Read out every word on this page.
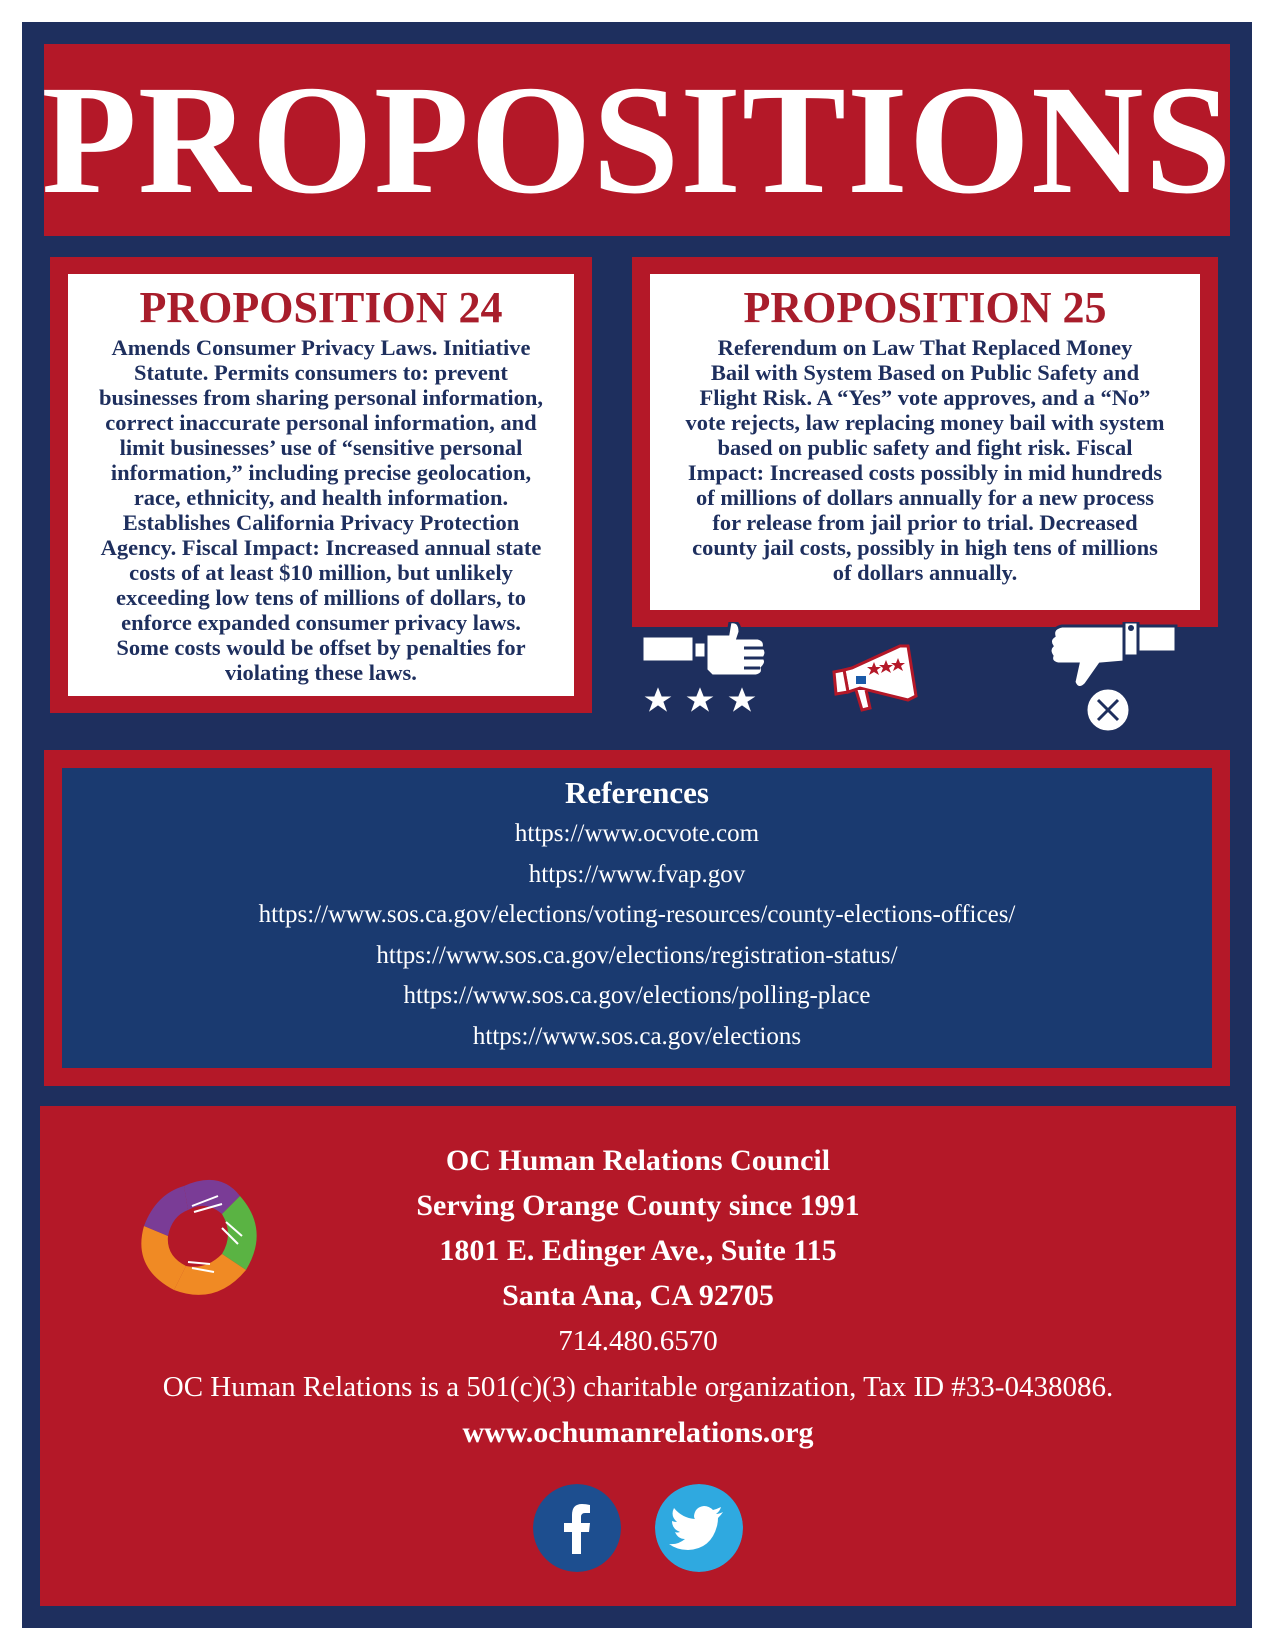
PROPOSITIONS
PROPOSITION 24

Amends Consumer Privacy Laws. Initiative
Statute. Permits consumers to: prevent
businesses from sharing personal information,
correct inaccurate personal information, and
limit businesses’ use of “sensitive personal
information,” including precise geolocation,
race, ethnicity, and health information.
Establishes California Privacy Protection
Agency. Fiscal Impact: Increased annual state
costs of at least $10 million, but unlikely
exceeding low tens of millions of dollars, to
enforce expanded consumer privacy laws.
Some costs would be offset by penalties for
violating these laws.

PROPOSITION 25

Referendum on Law That Replaced Money
Bail with System Based on Public Safety and
Flight Risk. A “Yes” vote approves, and a “No”
vote rejects, law replacing money bail with system
based on public safety and fight risk. Fiscal
Impact: Increased costs possibly in mid hundreds
of millions of dollars annually for a new process
for release from jail prior to trial. Decreased
county jail costs, possibly in high tens of millions
of dollars annually.

References
https://www.ocvote.com
https://www.fvap.gov
https://www.sos.ca.gov/elections/voting-resources/county-elections-offices/
https://www.sos.ca.gov/elections/registration-status/
https://www.sos.ca.gov/elections/polling-place
https://www.sos.ca.gov/elections
OC Human Relations Council
Serving Orange County since 1991
1801 E. Edinger Ave., Suite 115
Santa Ana, CA 92705
714.480.6570
OC Human Relations is a 501(c)(3) charitable organization, Tax ID #33-0438086.
www.ochumanrelations.org
